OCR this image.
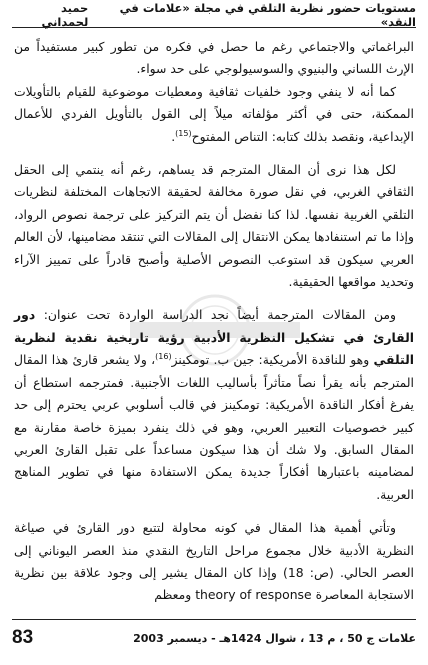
مستويات حضور نظرية التلقي في مجلة «علامات في النقد»
حميد لحمداني

البراغماتي والاجتماعي رغم ما حصل في فكره من تطور كبير مستفيداً من الإرث اللساني والبنيوي والسوسيولوجي على حد سواء.

كما أنه لا ينفي وجود خلفيات ثقافية ومعطيات موضوعية للقيام بالتأويلات الممكنة، حتى في أكثر مؤلفاته ميلاً إلى القول بالتأويل الفردي للأعمال الإبداعية، ونقصد بذلك كتابه: التناص المفتوح$^{(15)}$.

لكل هذا نرى أن المقال المترجم قد يساهم، رغم أنه ينتمي إلى الحقل الثقافي الغربي، في نقل صورة مخالفة لحقيقة الاتجاهات المختلفة لنظريات التلقي الغربية نفسها. لذا كنا نفضل أن يتم التركيز على ترجمة نصوص الرواد، وإذا ما تم استنفادها يمكن الانتقال إلى المقالات التي تنتقد مضامينها، لأن العالم العربي سيكون قد استوعب النصوص الأصلية وأصبح قادراً على تمييز الآراء وتحديد مواقعها الحقيقية.

ومن المقالات المترجمة أيضاً نجد الدراسة الواردة تحت عنوان: دور القارئ في تشكيل النظرية الأدبية رؤية تاريخية نقدية لنظرية التلقي وهو للناقدة الأمريكية: جين ب. تومكينز$^{(16)}$، ولا يشعر قارئ هذا المقال المترجم بأنه يقرأ نصاً متأثراً بأساليب اللغات الأجنبية. فمترجمه استطاع أن يفرغ أفكار الناقدة الأمريكية: تومكينز في قالب أسلوبي عربي يحترم إلى حد كبير خصوصيات التعبير العربي، وهو في ذلك ينفرد بميزة خاصة مقارنة مع المقال السابق. ولا شك أن هذا سيكون مساعداً على تقبل القارئ العربي لمضامينه باعتبارها أفكاراً جديدة يمكن الاستفادة منها في تطوير المناهج العربية.

وتأتي أهمية هذا المقال في كونه محاولة لتتبع دور القارئ في صياغة النظرية الأدبية خلال مجموع مراحل التاريخ النقدي منذ العصر اليوناني إلى العصر الحالي. (ص: 18) وإذا كان المقال يشير إلى وجود علاقة بين نظرية الاستجابة المعاصرة theory of response ومعظم

علامات ج 50 ، م 13 ، شوال 1424هـ - ديسمبر 2003
83
